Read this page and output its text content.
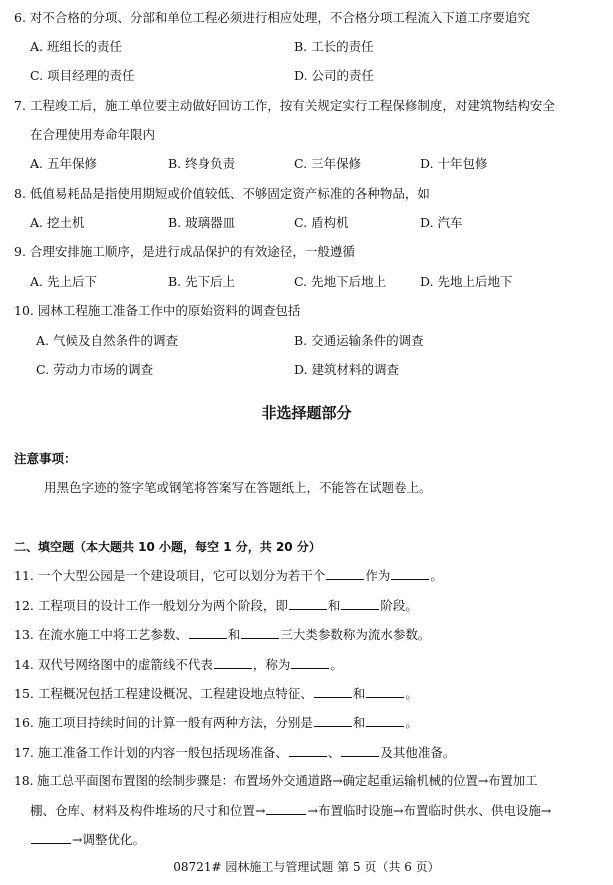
6. 对不合格的分项、分部和单位工程必须进行相应处理，不合格分项工程流入下道工序要追究
A. 班组长的责任	B. 工长的责任
C. 项目经理的责任	D. 公司的责任
7. 工程竣工后，施工单位要主动做好回访工作，按有关规定实行工程保修制度，对建筑物结构安全
在合理使用寿命年限内
A. 五年保修	B. 终身负责	C. 三年保修	D. 十年包修
8. 低值易耗品是指使用期短或价值较低、不够固定资产标准的各种物品，如
A. 挖土机	B. 玻璃器皿	C. 盾构机	D. 汽车
9. 合理安排施工顺序，是进行成品保护的有效途径，一般遵循
A. 先上后下	B. 先下后上	C. 先地下后地上	D. 先地上后地下
10. 园林工程施工准备工作中的原始资料的调查包括
A. 气候及自然条件的调查	B. 交通运输条件的调查
C. 劳动力市场的调查	D. 建筑材料的调查
非选择题部分
注意事项：
用黑色字迹的签字笔或钢笔将答案写在答题纸上，不能答在试题卷上。
二、填空题（本大题共 10 小题，每空 1 分，共 20 分）
11. 一个大型公园是一个建设项目，它可以划分为若干个	作为	。
12. 工程项目的设计工作一般划分为两个阶段，即	和	阶段。
13. 在流水施工中将工艺参数、	和	三大类参数称为流水参数。
14. 双代号网络图中的虚箭线不代表	，称为	。
15. 工程概况包括工程建设概况、工程建设地点特征、	和	。
16. 施工项目持续时间的计算一般有两种方法，分别是	和	。
17. 施工准备工作计划的内容一般包括现场准备、	、	及其他准备。
18. 施工总平面图布置图的绘制步骤是：布置场外交通道路→确定起重运输机械的位置→布置加工
棚、仓库、材料及构件堆场的尺寸和位置→	→布置临时设施→布置临时供水、供电设施→
→调整优化。
08721# 园林施工与管理试题 第 5 页（共 6 页）
